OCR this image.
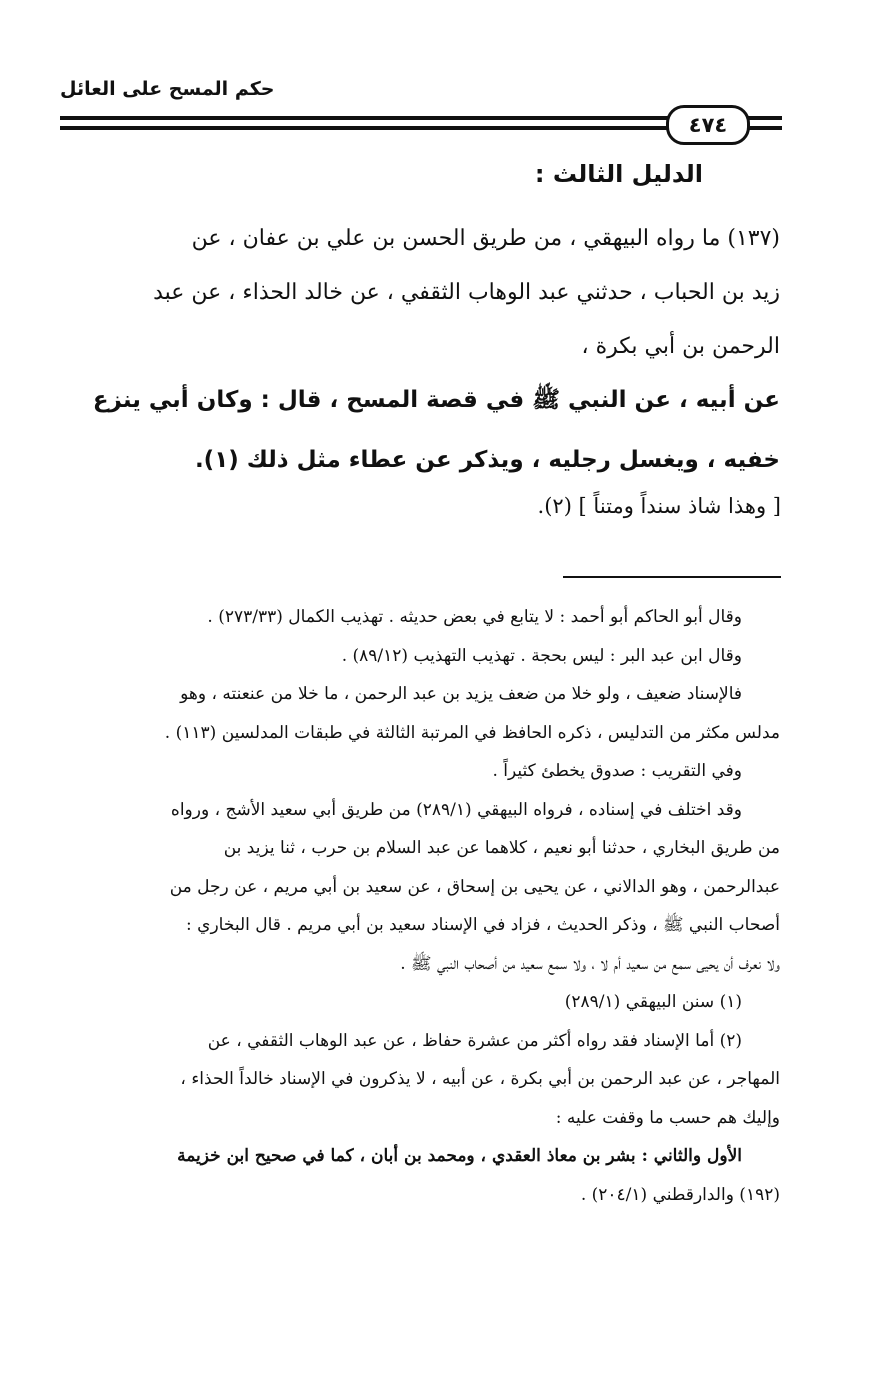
حكم المسح على العائل
٤٧٤
الدليل الثالث :
(١٣٧) ما رواه البيهقي ، من طريق الحسن بن علي بن عفان ، عن
زيد بن الحباب ، حدثني عبد الوهاب الثقفي ، عن خالد الحذاء ، عن عبد
الرحمن بن أبي بكرة ،
عن أبيه ، عن النبي ﷺ في قصة المسح ، قال : وكان أبي ينزع
خفيه ، ويغسل رجليه ، ويذكر عن عطاء مثل ذلك (١).
[ وهذا شاذ سنداً ومتناً ] (٢).

وقال أبو الحاكم أبو أحمد : لا يتابع في بعض حديثه . تهذيب الكمال (٢٧٣/٣٣) .

وقال ابن عبد البر : ليس بحجة . تهذيب التهذيب (٨٩/١٢) .

فالإسناد ضعيف ، ولو خلا من ضعف يزيد بن عبد الرحمن ، ما خلا من عنعنته ، وهو

مدلس مكثر من التدليس ، ذكره الحافظ في المرتبة الثالثة في طبقات المدلسين (١١٣) .

وفي التقريب : صدوق يخطئ كثيراً .

وقد اختلف في إسناده ، فرواه البيهقي (٢٨٩/١) من طريق أبي سعيد الأشج ، ورواه

من طريق البخاري ، حدثنا أبو نعيم ، كلاهما عن عبد السلام بن حرب ، ثنا يزيد بن

عبدالرحمن ، وهو الدالاني ، عن يحيى بن إسحاق ، عن سعيد بن أبي مريم ، عن رجل من

أصحاب النبي ﷺ ، وذكر الحديث ، فزاد في الإسناد سعيد بن أبي مريم . قال البخاري :

ولا نعرف أن يحيى سمع من سعيد أم لا ، ولا سمع سعيد من أصحاب النبي ﷺ .

(١) سنن البيهقي (٢٨٩/١)

(٢) أما الإسناد فقد رواه أكثر من عشرة حفاظ ، عن عبد الوهاب الثقفي ، عن

المهاجر ، عن عبد الرحمن بن أبي بكرة ، عن أبيه ، لا يذكرون في الإسناد خالداً الحذاء ،

وإليك هم حسب ما وقفت عليه :

الأول والثاني : بشر بن معاذ العقدي ، ومحمد بن أبان ، كما في صحيح ابن خزيمة

(١٩٢) والدارقطني (٢٠٤/١) .
